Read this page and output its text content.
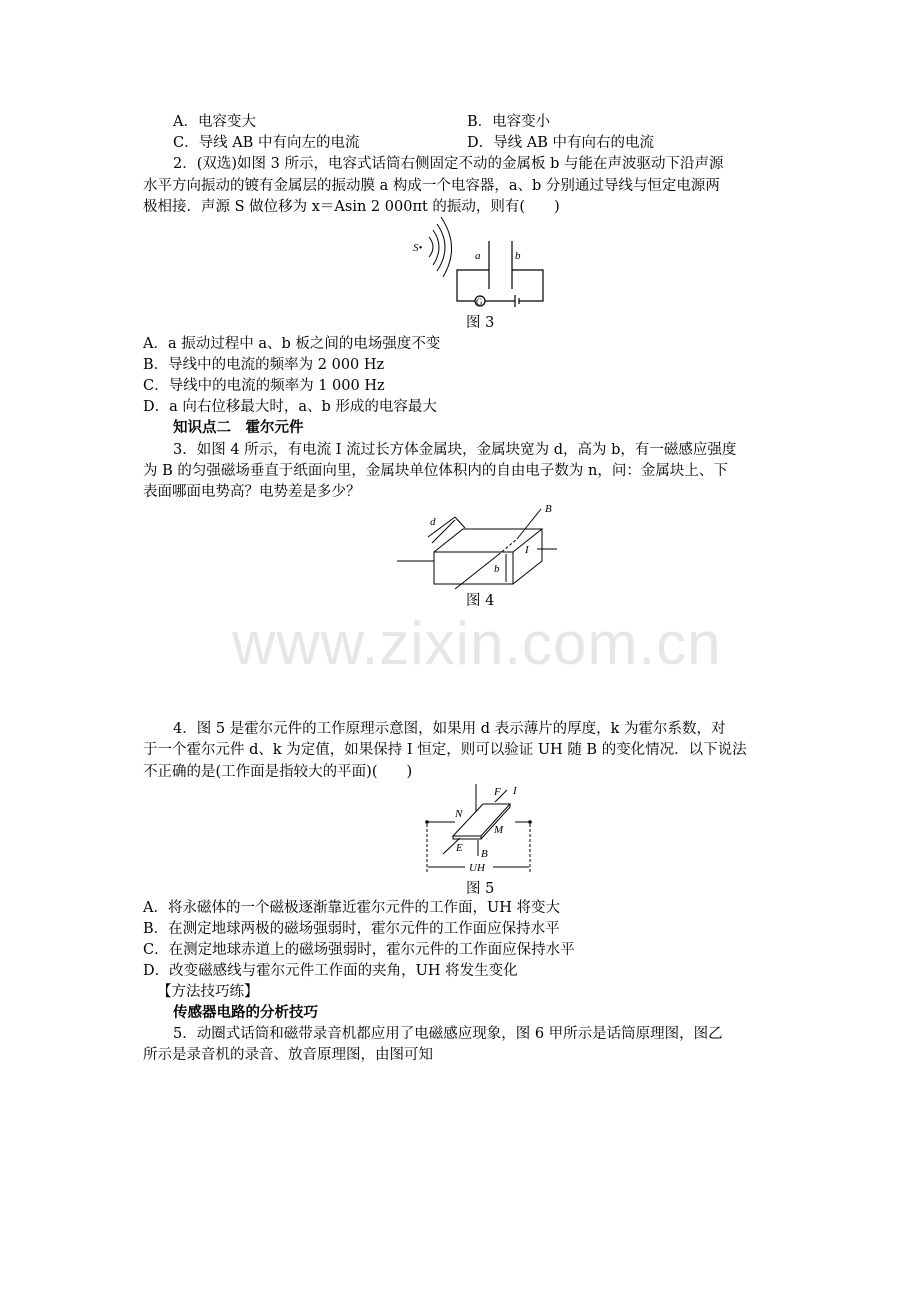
A．电容变大	B．电容变小
C．导线 AB 中有向左的电流	D．导线 AB 中有向右的电流
2．(双选)如图 3 所示，电容式话筒右侧固定不动的金属板 b 与能在声波驱动下沿声源
水平方向振动的镀有金属层的振动膜 a 构成一个电容器，a、b 分别通过导线与恒定电源两
极相接．声源 S 做位移为 x＝Asin 2 000πt 的振动，则有(　　)
S•
G
a	b
图 3
A．a 振动过程中 a、b 板之间的电场强度不变
B．导线中的电流的频率为 2 000 Hz
C．导线中的电流的频率为 1 000 Hz
D．a 向右位移最大时，a、b 形成的电容最大
知识点二　霍尔元件
3．如图 4 所示，有电流 I 流过长方体金属块，金属块宽为 d，高为 b，有一磁感应强度
为 B 的匀强磁场垂直于纸面向里，金属块单位体积内的自由电子数为 n，问：金属块上、下
表面哪面电势高？电势差是多少？
d
B
b
I
图 4
www.zixin.com.cn
4．图 5 是霍尔元件的工作原理示意图，如果用 d 表示薄片的厚度，k 为霍尔系数，对
于一个霍尔元件 d、k 为定值，如果保持 I 恒定，则可以验证 UH 随 B 的变化情况．以下说法
不正确的是(工作面是指较大的平面)(　　)
F I
N
M
E B
UH
图 5
A．将永磁体的一个磁极逐渐靠近霍尔元件的工作面，UH 将变大
B．在测定地球两极的磁场强弱时，霍尔元件的工作面应保持水平
C．在测定地球赤道上的磁场强弱时，霍尔元件的工作面应保持水平
D．改变磁感线与霍尔元件工作面的夹角，UH 将发生变化
【方法技巧练】
传感器电路的分析技巧
5．动圈式话筒和磁带录音机都应用了电磁感应现象，图 6 甲所示是话筒原理图，图乙
所示是录音机的录音、放音原理图，由图可知
